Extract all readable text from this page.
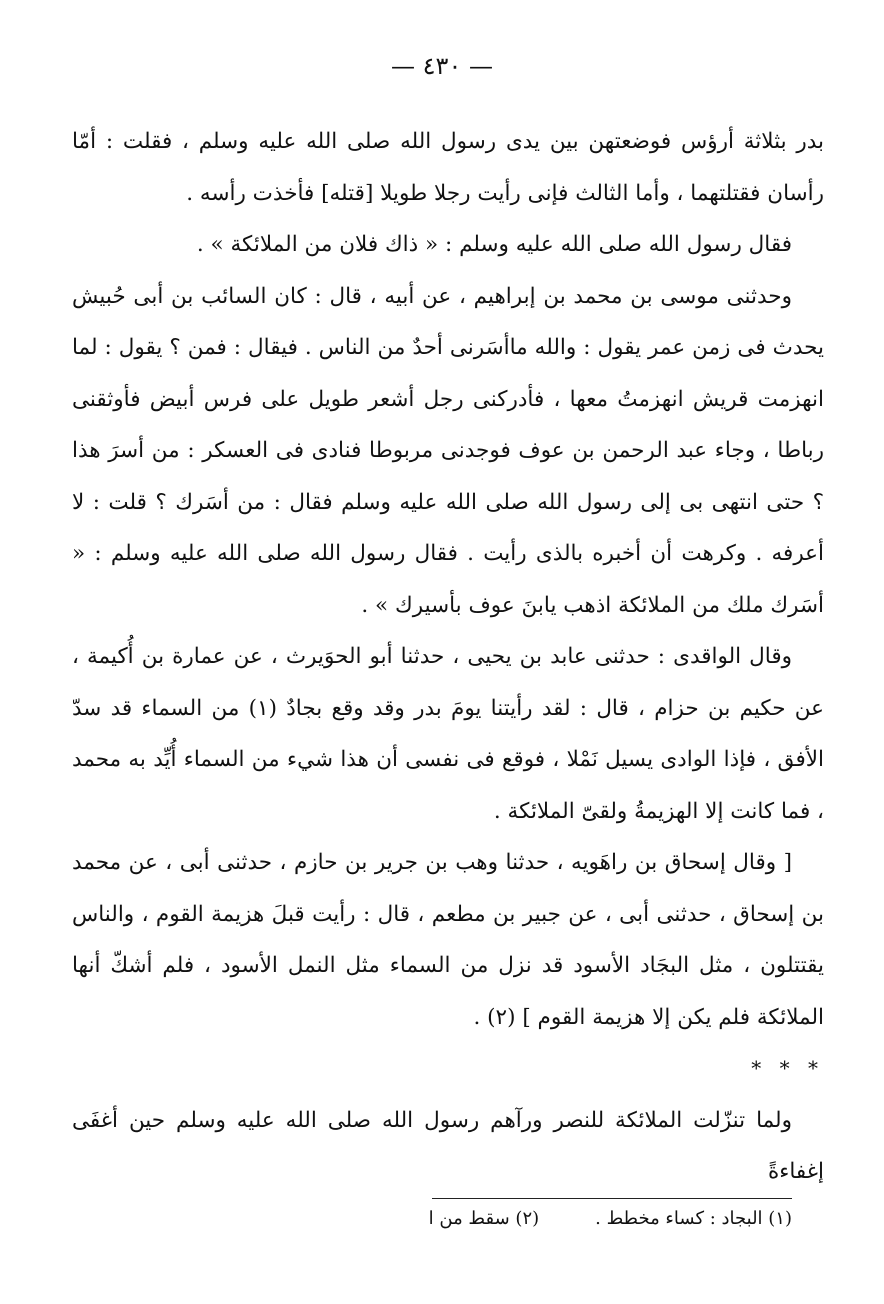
— ٤٣٠ —

بدر بثلاثة أرؤس فوضعتهن بين يدى رسول الله صلى الله عليه وسلم ، فقلت : أمّا رأسان فقتلتهما ، وأما الثالث فإنى رأيت رجلا طويلا [قتله] فأخذت رأسه .

فقال رسول الله صلى الله عليه وسلم : « ذاك فلان من الملائكة » .

وحدثنى موسى بن محمد بن إبراهيم ، عن أبيه ، قال : كان السائب بن أبى حُبيش يحدث فى زمن عمر يقول : والله ماأسَرنى أحدٌ من الناس . فيقال : فمن ؟ يقول : لما انهزمت قريش انهزمتُ معها ، فأدركنى رجل أشعر طويل على فرس أبيض فأوثقنى رباطا ، وجاء عبد الرحمن بن عوف فوجدنى مربوطا فنادى فى العسكر : من أسرَ هذا ؟ حتى انتهى بى إلى رسول الله صلى الله عليه وسلم فقال : من أسَرك ؟ قلت : لا أعرفه . وكرهت أن أخبره بالذى رأيت . فقال رسول الله صلى الله عليه وسلم : « أسَرك ملك من الملائكة اذهب يابنَ عوف بأسيرك » .

وقال الواقدى : حدثنى عابد بن يحيى ، حدثنا أبو الحوَيرث ، عن عمارة بن أُكيمة ، عن حكيم بن حزام ، قال : لقد رأيتنا يومَ بدر وقد وقع بجادٌ (١) من السماء قد سدّ الأفق ، فإذا الوادى يسيل نَمْلا ، فوقع فى نفسى أن هذا شيء من السماء أُيِّد به محمد ، فما كانت إلا الهزيمةُ ولقىّ الملائكة .

[ وقال إسحاق بن راهَويه ، حدثنا وهب بن جرير بن حازم ، حدثنى أبى ، عن محمد بن إسحاق ، حدثنى أبى ، عن جبير بن مطعم ، قال : رأيت قبلَ هزيمة القوم ، والناس يقتتلون ، مثل البجَاد الأسود قد نزل من السماء مثل النمل الأسود ، فلم أشكّ أنها الملائكة فلم يكن إلا هزيمة القوم ] (٢) .

* * *

ولما تنزّلت الملائكة للنصر ورآهم رسول الله صلى الله عليه وسلم حين أغفَى إغفاءةً

(١) البجاد : كساء مخطط .
(٢) سقط من ا
